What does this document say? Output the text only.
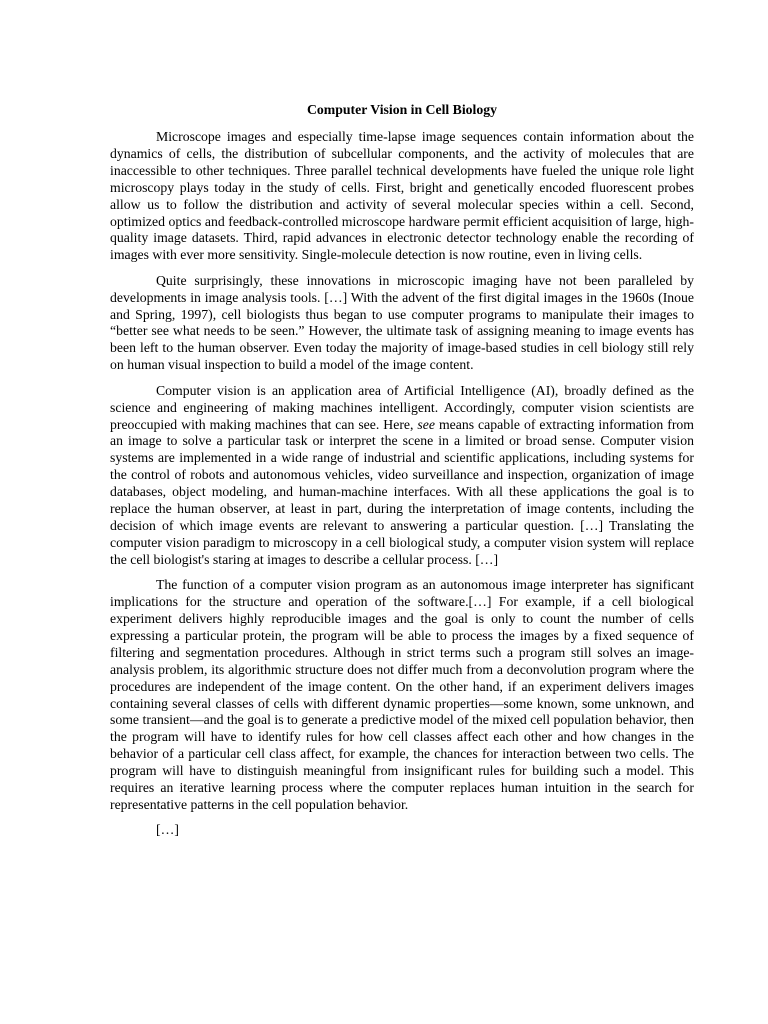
Computer Vision in Cell Biology

Microscope images and especially time-lapse image sequences contain information about the dynamics of cells, the distribution of subcellular components, and the activity of molecules that are inaccessible to other techniques. Three parallel technical developments have fueled the unique role light microscopy plays today in the study of cells. First, bright and genetically encoded fluorescent probes allow us to follow the distribution and activity of several molecular species within a cell. Second, optimized optics and feedback-controlled microscope hardware permit efficient acquisition of large, high-quality image datasets. Third, rapid advances in electronic detector technology enable the recording of images with ever more sensitivity. Single-molecule detection is now routine, even in living cells.

Quite surprisingly, these innovations in microscopic imaging have not been paralleled by developments in image analysis tools. […] With the advent of the first digital images in the 1960s (Inoue and Spring, 1997), cell biologists thus began to use computer programs to manipulate their images to “better see what needs to be seen.” However, the ultimate task of assigning meaning to image events has been left to the human observer. Even today the majority of image-based studies in cell biology still rely on human visual inspection to build a model of the image content.

Computer vision is an application area of Artificial Intelligence (AI), broadly defined as the science and engineering of making machines intelligent. Accordingly, computer vision scientists are preoccupied with making machines that can see. Here, see means capable of extracting information from an image to solve a particular task or interpret the scene in a limited or broad sense. Computer vision systems are implemented in a wide range of industrial and scientific applications, including systems for the control of robots and autonomous vehicles, video surveillance and inspection, organization of image databases, object modeling, and human-machine interfaces. With all these applications the goal is to replace the human observer, at least in part, during the interpretation of image contents, including the decision of which image events are relevant to answering a particular question. […] Translating the computer vision paradigm to microscopy in a cell biological study, a computer vision system will replace the cell biologist's staring at images to describe a cellular process. […]

The function of a computer vision program as an autonomous image interpreter has significant implications for the structure and operation of the software.[…] For example, if a cell biological experiment delivers highly reproducible images and the goal is only to count the number of cells expressing a particular protein, the program will be able to process the images by a fixed sequence of filtering and segmentation procedures. Although in strict terms such a program still solves an image-analysis problem, its algorithmic structure does not differ much from a deconvolution program where the procedures are independent of the image content. On the other hand, if an experiment delivers images containing several classes of cells with different dynamic properties—some known, some unknown, and some transient—and the goal is to generate a predictive model of the mixed cell population behavior, then the program will have to identify rules for how cell classes affect each other and how changes in the behavior of a particular cell class affect, for example, the chances for interaction between two cells. The program will have to distinguish meaningful from insignificant rules for building such a model. This requires an iterative learning process where the computer replaces human intuition in the search for representative patterns in the cell population behavior.

[…]
